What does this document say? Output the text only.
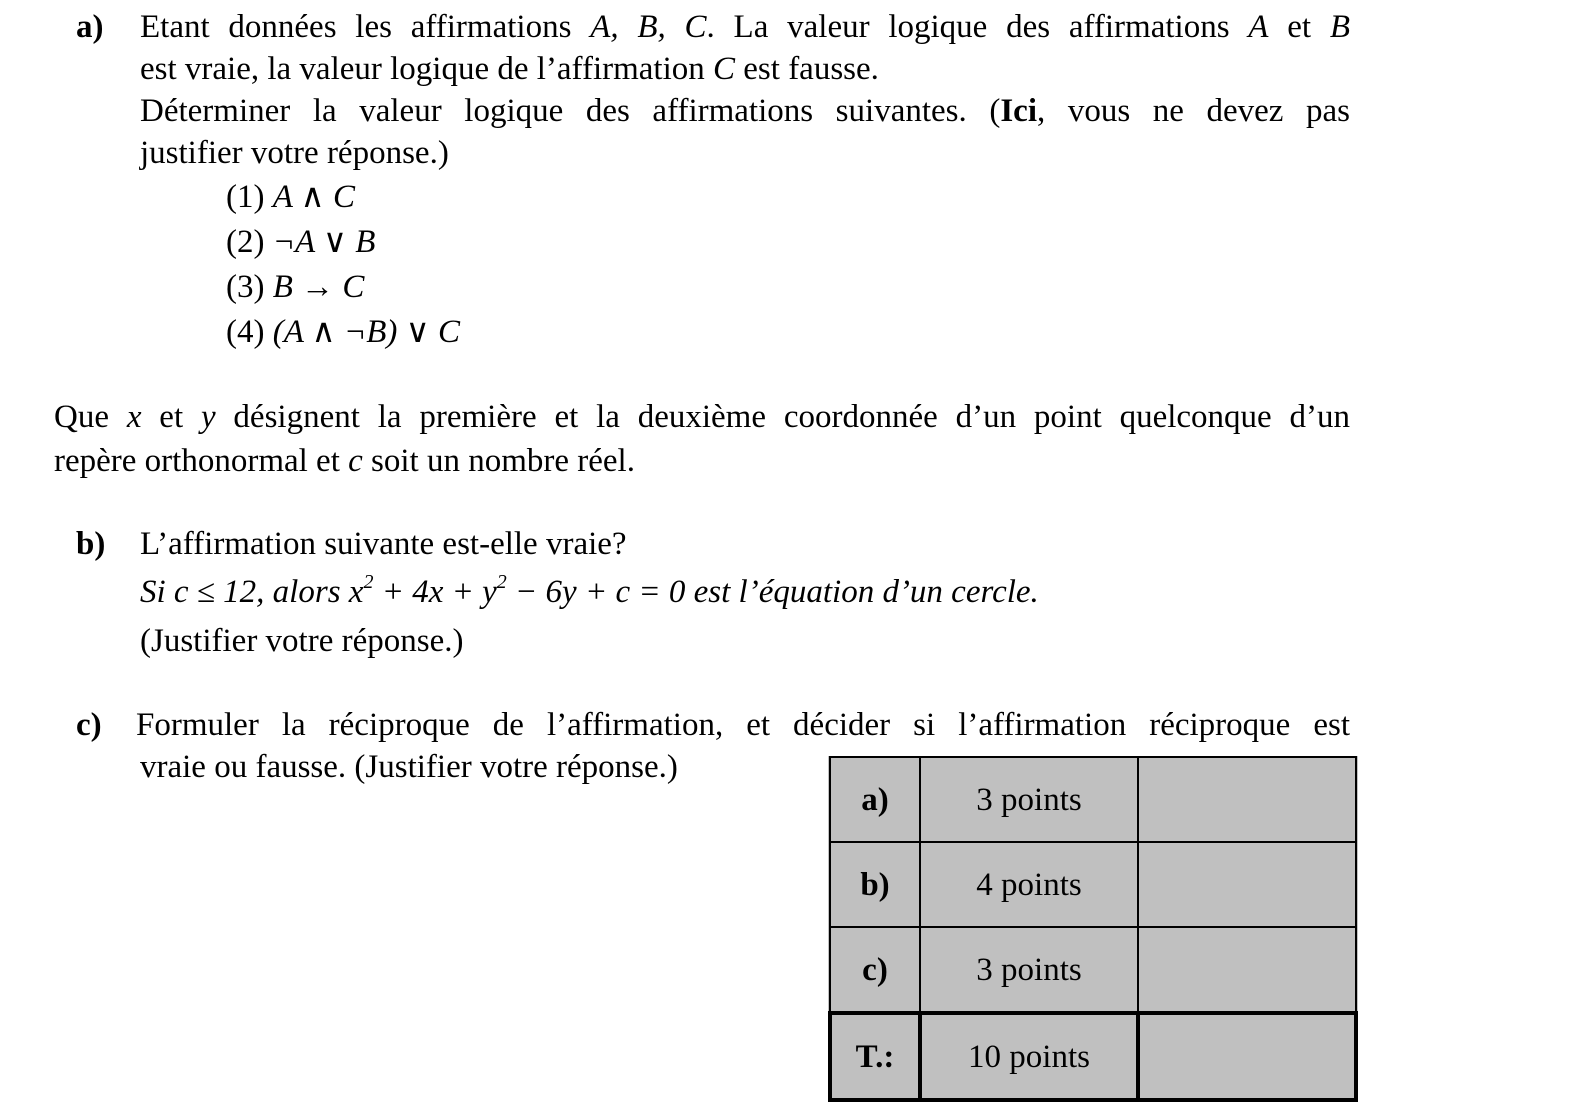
a) Etant données les affirmations A, B, C. La valeur logique des affirmations A et B
est vraie, la valeur logique de l’affirmation C est fausse.
Déterminer la valeur logique des affirmations suivantes. (Ici, vous ne devez pas
justifier votre réponse.)
(1) A ∧ C
(2) ¬A ∨ B
(3) B → C
(4) (A ∧ ¬B) ∨ C
Que x et y désignent la première et la deuxième coordonnée d’un point quelconque d’un
repère orthonormal et c soit un nombre réel.
b) L’affirmation suivante est-elle vraie?
Si c ≤ 12, alors $x^2 + 4x + y^2 - 6y + c = 0$ est l’équation d’un cercle.
(Justifier votre réponse.)
c) Formuler la réciproque de l’affirmation, et décider si l’affirmation réciproque est
vraie ou fausse. (Justifier votre réponse.)
a)	3 points	
b)	4 points	
c)	3 points	
T.:	10 points	
